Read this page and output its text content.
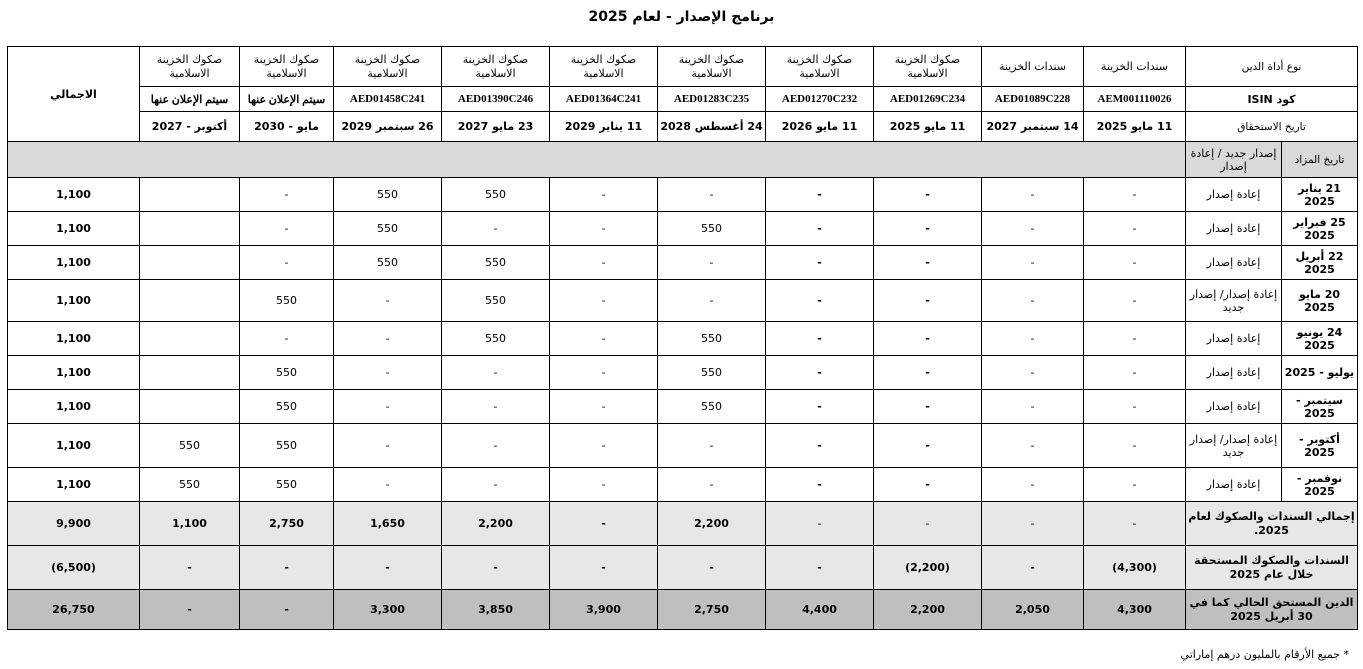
برنامج الإصدار - لعام 2025
نوع أداة الدين		سندات الخزينة	سندات الخزينة	صكوك الخزينة الاسلامية	صكوك الخزينة الاسلامية	صكوك الخزينة الاسلامية	صكوك الخزينة الاسلامية	صكوك الخزينة الاسلامية	صكوك الخزينة الاسلامية	صكوك الخزينة الاسلامية	صكوك الخزينة الاسلامية	الاجمالي
كود ISIN		AEM001110026	AED01089C228	AED01269C234	AED01270C232	AED01283C235	AED01364C241	AED01390C246	AED01458C241	سيتم الإعلان عنها	سيتم الإعلان عنها	
تاريخ الاستحقاق		11 مايو 2025	14 سبتمبر 2027	11 مايو 2025	11 مايو 2026	24 أغسطس 2028	11 يناير 2029	23 مايو 2027	26 سبتمبر 2029	مايو - 2030	أكتوبر - 2027	
تاريخ المزاد	إصدار جديد / إعادة إصدار											
21 يناير 2025	إعادة إصدار	-	-	-	-	-	-	550	550	-		1,100
25 فبراير 2025	إعادة إصدار	-	-	-	-	550	-	-	550	-		1,100
22 أبريل 2025	إعادة إصدار	-	-	-	-	-	-	550	550	-		1,100
20 مايو 2025	إعادة إصدار/ إصدار جديد	-	-	-	-	-	-	550	-	550		1,100
24 يونيو 2025	إعادة إصدار	-	-	-	-	550	-	550	-	-		1,100
يوليو - 2025	إعادة إصدار	-	-	-	-	550	-	-	-	550		1,100
سيتمبر - 2025	إعادة إصدار	-	-	-	-	550	-	-	-	550		1,100
أكتوبر - 2025	إعادة إصدار/ إصدار جديد	-	-	-	-	-	-	-	-	550	550	1,100
نوفمبر - 2025	إعادة إصدار	-	-	-	-	-	-	-	-	550	550	1,100
إجمالي السندات والصكوك لعام 2025.		-	-	-	-	2,200	-	2,200	1,650	2,750	1,100	9,900
السندات والصكوك المستحقة خلال عام 2025		(4,300)	-	(2,200)	-	-	-	-	-	-	-	(6,500)
الدين المستحق الحالي كما في 30 أبريل 2025		4,300	2,050	2,200	4,400	2,750	3,900	3,850	3,300	-	-	26,750
* جميع الأرقام بالمليون درهم إماراتي
